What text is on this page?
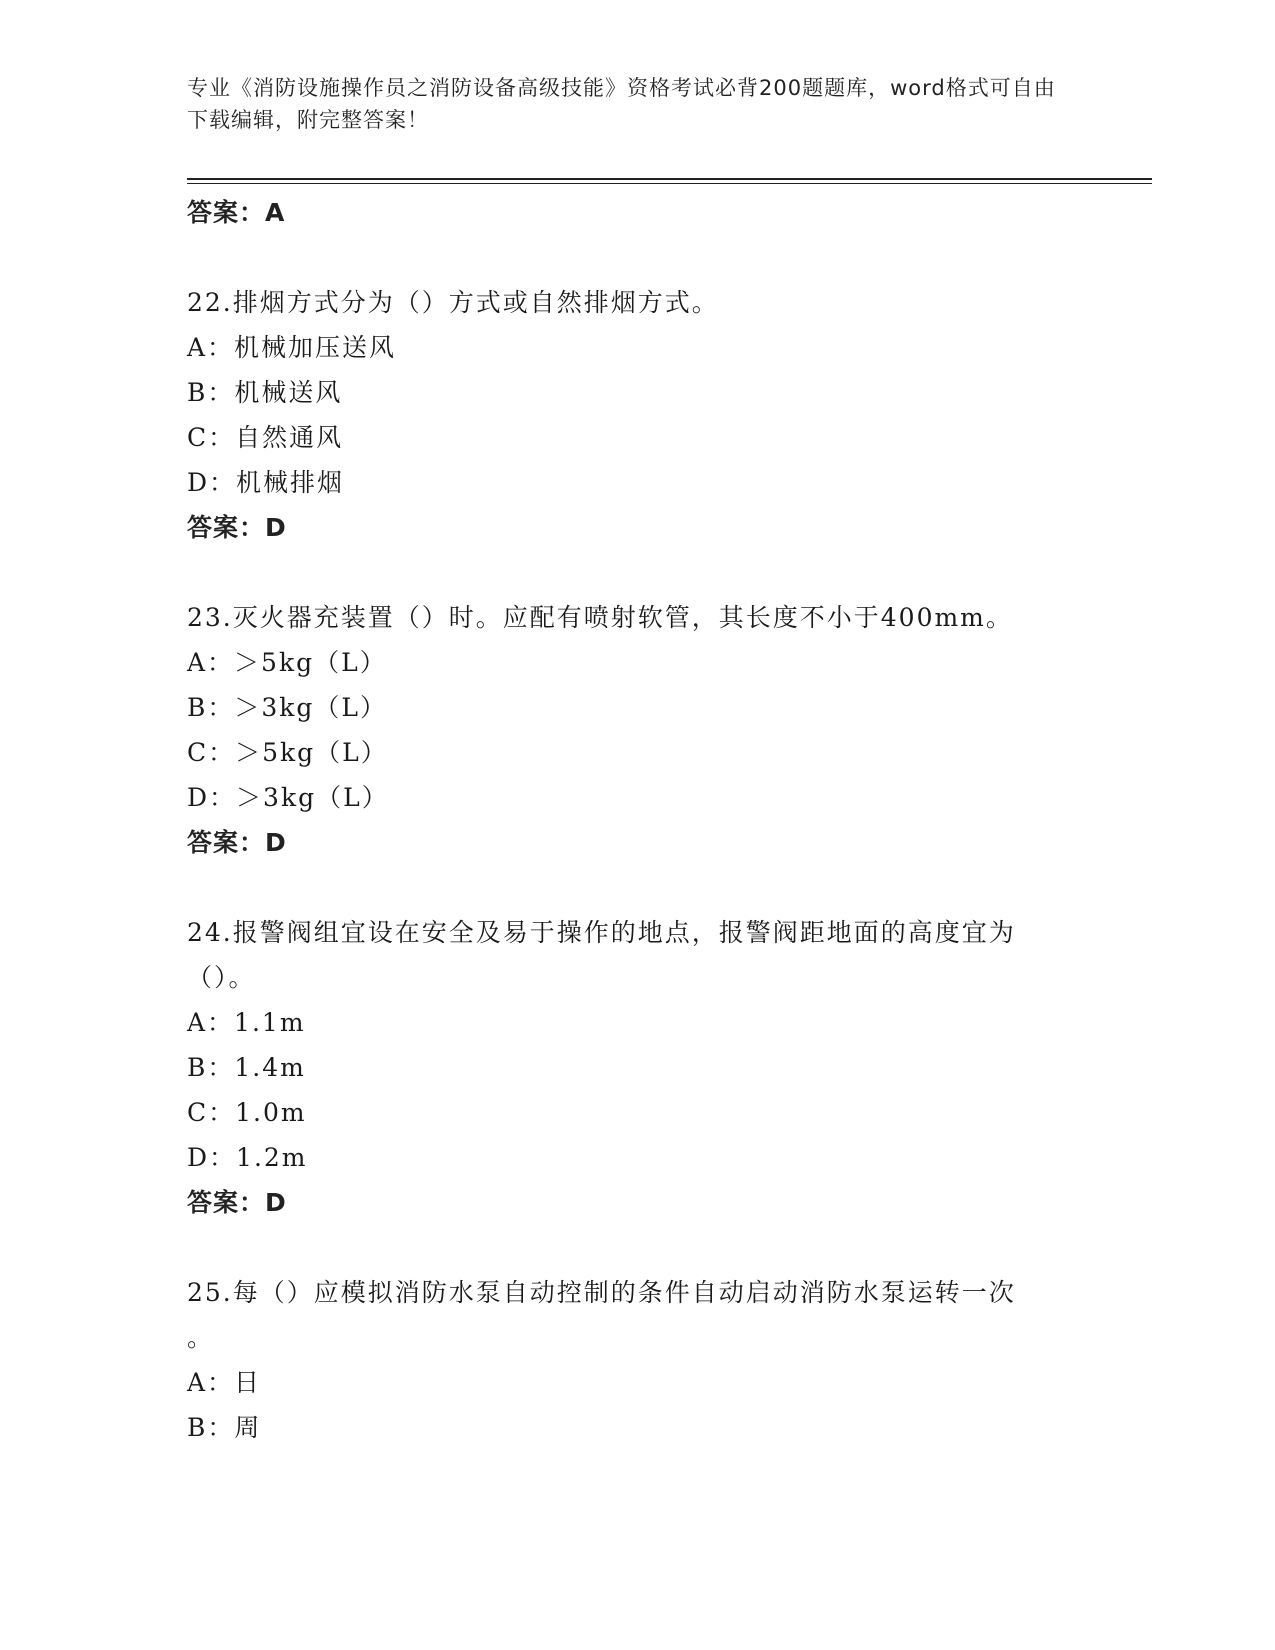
专业《消防设施操作员之消防设备高级技能》资格考试必背200题题库，word格式可自由下载编辑，附完整答案！
答案：A
22.排烟方式分为（）方式或自然排烟方式。
A：机械加压送风
B：机械送风
C：自然通风
D：机械排烟
答案：D
23.灭火器充装置（）时。应配有喷射软管，其长度不小于400mm。
A：＞5kg（L）
B：＞3kg（L）
C：＞5kg（L）
D：＞3kg（L）
答案：D
24.报警阀组宜设在安全及易于操作的地点，报警阀距地面的高度宜为
（）。
A：1.1m
B：1.4m
C：1.0m
D：1.2m
答案：D
25.每（）应模拟消防水泵自动控制的条件自动启动消防水泵运转一次
。
A：日
B：周
